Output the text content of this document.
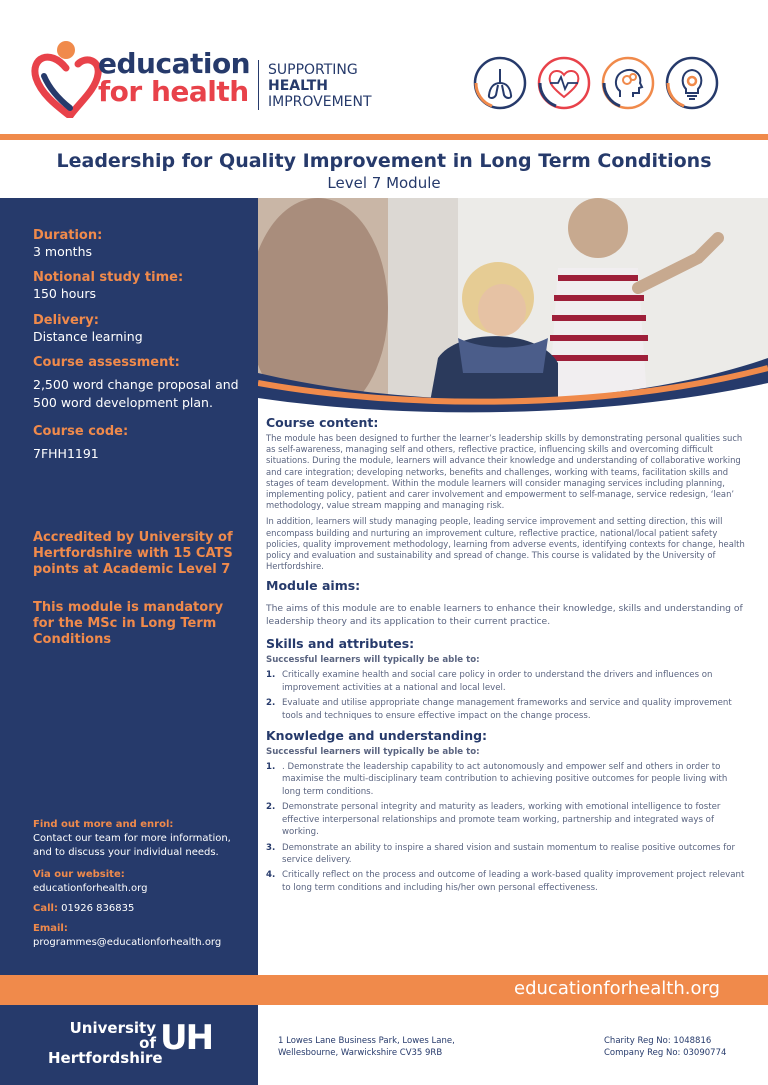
education
for health
SUPPORTING
HEALTH
IMPROVEMENT
Leadership for Quality Improvement in Long Term Conditions
Level 7 Module
Duration:
3 months
Notional study time:
150 hours
Delivery:
Distance learning
Course assessment:
2,500 word change proposal and 500 word development plan.
Course code:
7FHH1191
Accredited by University of Hertfordshire with 15 CATS points at Academic Level 7
This module is mandatory for the MSc in Long Term Conditions
Find out more and enrol:
Contact our team for more information, and to discuss your individual needs.
Via our website:
educationforhealth.org
Call: 01926 836835
Email:
programmes@educationforhealth.org
Course content:
The module has been designed to further the learner’s leadership skills by demonstrating personal qualities such as self-awareness, managing self and others, reflective practice, influencing skills and overcoming difficult situations. During the module, learners will advance their knowledge and understanding of collaborative working and care integration; developing networks, benefits and challenges, working with teams, facilitation skills and stages of team development. Within the module learners will consider managing services including planning, implementing policy, patient and carer involvement and empowerment to self-manage, service redesign, ‘lean’ methodology, value stream mapping and managing risk.
In addition, learners will study managing people, leading service improvement and setting direction, this will encompass building and nurturing an improvement culture, reflective practice, national/local patient safety policies, quality improvement methodology, learning from adverse events, identifying contexts for change, health policy and evaluation and sustainability and spread of change. This course is validated by the University of Hertfordshire.
Module aims:
The aims of this module are to enable learners to enhance their knowledge, skills and understanding of leadership theory and its application to their current practice.
Skills and attributes:
Successful learners will typically be able to:
1. Critically examine health and social care policy in order to understand the drivers and influences on improvement activities at a national and local level.
2. Evaluate and utilise appropriate change management frameworks and service and quality improvement tools and techniques to ensure effective impact on the change process.
Knowledge and understanding:
Successful learners will typically be able to:
1. . Demonstrate the leadership capability to act autonomously and empower self and others in order to maximise the multi-disciplinary team contribution to achieving positive outcomes for people living with long term conditions.
2. Demonstrate personal integrity and maturity as leaders, working with emotional intelligence to foster effective interpersonal relationships and promote team working, partnership and integrated ways of working.
3. Demonstrate an ability to inspire a shared vision and sustain momentum to realise positive outcomes for service delivery.
4. Critically reflect on the process and outcome of leading a work-based quality improvement project relevant to long term conditions and including his/her own personal effectiveness.
educationforhealth.org
University of
Hertfordshire
UH	1 Lowes Lane Business Park, Lowes Lane,
Wellesbourne, Warwickshire CV35 9RB
Charity Reg No: 1048816
Company Reg No: 03090774
